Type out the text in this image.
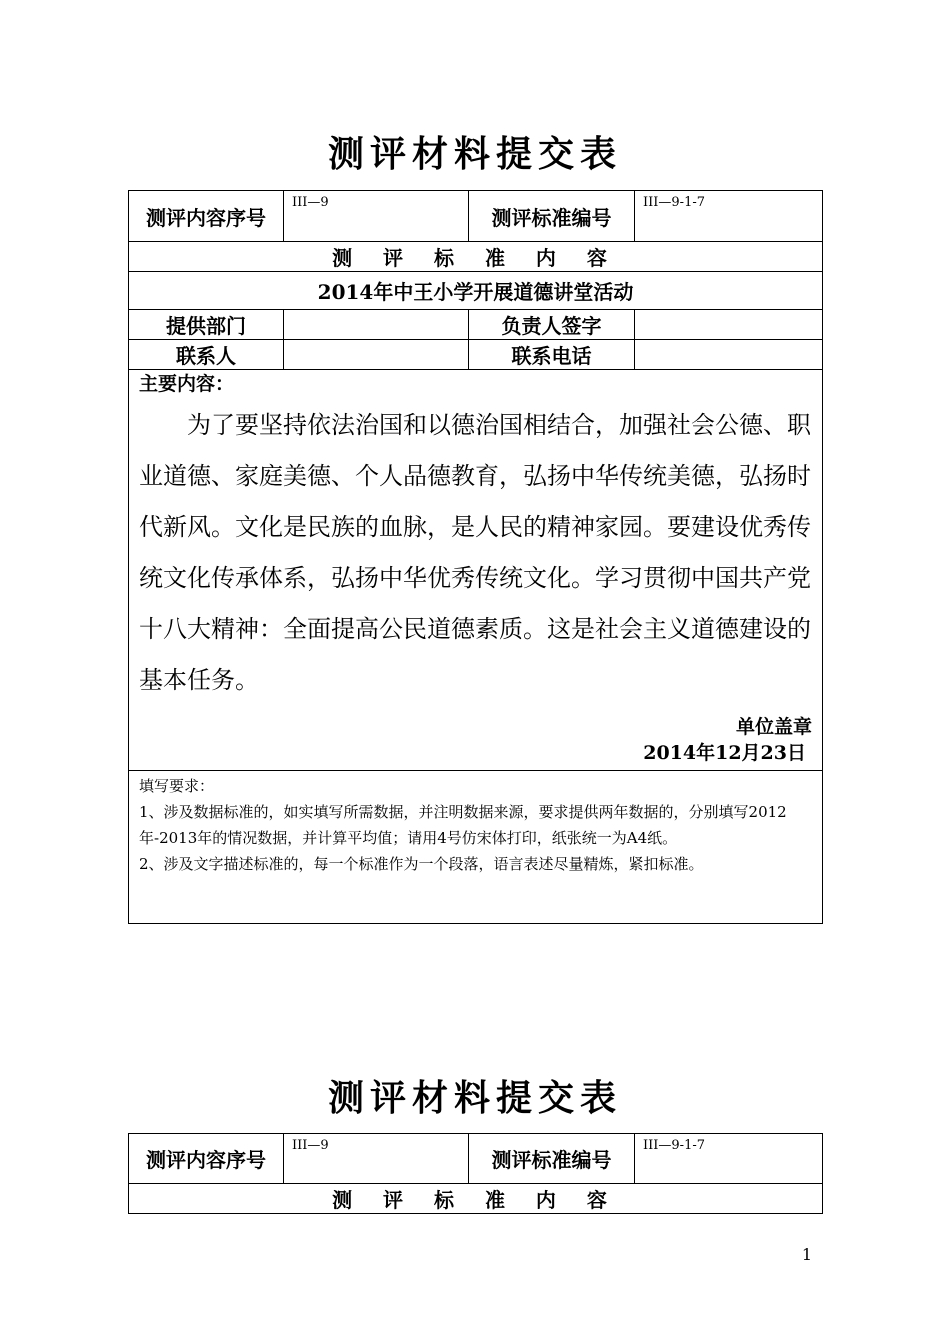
测评材料提交表
测评内容序号	III—9	测评标准编号	III—9-1-7
测 评 标 准 内 容			
2014年中王小学开展道德讲堂活动			
提供部门		负责人签字	
联系人		联系电话	

主要内容：
为了要坚持依法治国和以德治国相结合，加强社会公德、职业道德、家庭美德、个人品德教育，弘扬中华传统美德，弘扬时代新风。文化是民族的血脉，是人民的精神家园。要建设优秀传统文化传承体系，弘扬中华优秀传统文化。学习贯彻中国共产党十八大精神：全面提高公民道德素质。这是社会主义道德建设的基本任务。
单位盖章
2014年12月23日			

填写要求：
1、涉及数据标准的，如实填写所需数据，并注明数据来源，要求提供两年数据的，分别填写2012年-2013年的情况数据，并计算平均值；请用4号仿宋体打印，纸张统一为A4纸。
2、涉及文字描述标准的，每一个标准作为一个段落，语言表述尽量精炼，紧扣标准。			
测评材料提交表
测评内容序号	III—9	测评标准编号	III—9-1-7
测 评 标 准 内 容
1
